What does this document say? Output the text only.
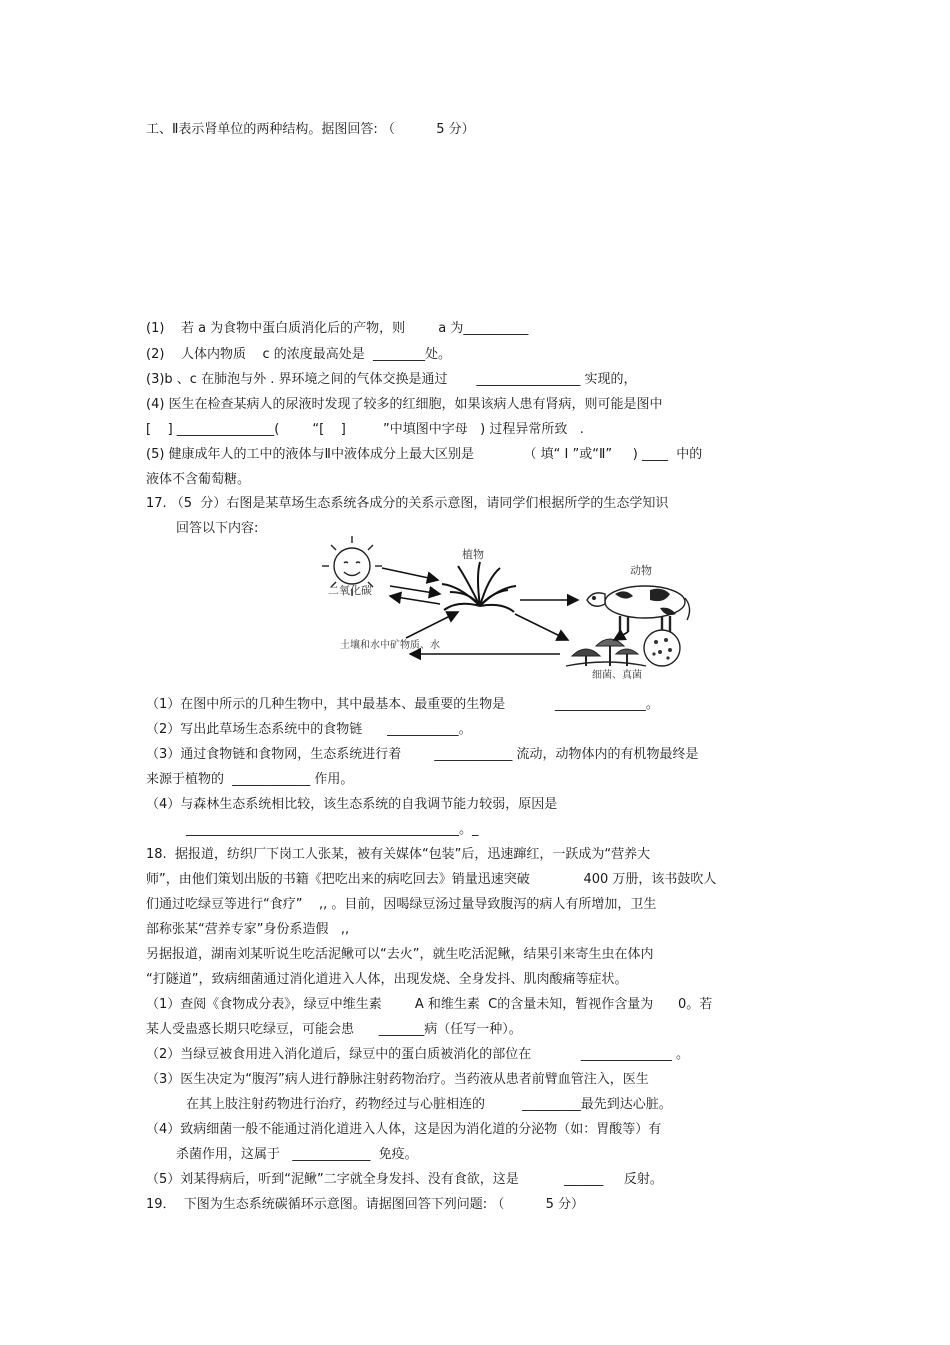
工、Ⅱ表示肾单位的两种结构。据图回答: （          5 分）
(1)    若 a 为食物中蛋白质消化后的产物，则        a 为__________
(2)    人体内物质    c 的浓度最高处是  ________处。
(3)b 、c 在肺泡与外 . 界环境之间的气体交换是通过       ________________ 实现的，
(4) 医生在检查某病人的尿液时发现了较多的红细胞，如果该病人患有肾病，则可能是图中
[    ] _______________(        “[    ]         ”中填图中字母   ) 过程异常所致   .
(5) 健康成年人的工中的液体与Ⅱ中液体成分上最大区别是            （ 填“ Ⅰ ”或“Ⅱ”     ) ____  中的
液体不含葡萄糖。
17. （5  分）右图是某草场生态系统各成分的关系示意图，请同学们根据所学的生态学知识
回答以下内容:
二氧化碳
植物
动物
细菌、真菌
土壤和水中矿物质、水
（1）在图中所示的几种生物中，其中最基本、最重要的生物是            ______________。
（2）写出此草场生态系统中的食物链      ___________。
（3）通过食物链和食物网，生态系统进行着        ____________ 流动，动物体内的有机物最终是
来源于植物的  ____________ 作用。
（4）与森林生态系统相比较，该生态系统的自我调节能力较弱，原因是
__________________________________________。_
18.  据报道，纺织厂下岗工人张某，被有关媒体“包装”后，迅速蹿红，一跃成为“营养大
师”，由他们策划出版的书籍《把吃出来的病吃回去》销量迅速突破             400 万册，该书鼓吹人
们通过吃绿豆等进行“食疗”    ,, 。目前，因喝绿豆汤过量导致腹泻的病人有所增加，卫生
部称张某“营养专家”身份系造假   ,,
另据报道，湖南刘某听说生吃活泥鳅可以“去火”，就生吃活泥鳅，结果引来寄生虫在体内
“打隧道”，致病细菌通过消化道进入人体，出现发烧、全身发抖、肌肉酸痛等症状。
（1）查阅《食物成分表》，绿豆中维生素        A 和维生素  C的含量未知，暂视作含量为      0。若
某人受蛊惑长期只吃绿豆，可能会患      _______病（任写一种）。
（2）当绿豆被食用进入消化道后，绿豆中的蛋白质被消化的部位在            ______________ 。
（3）医生决定为“腹泻”病人进行静脉注射药物治疗。当药液从患者前臂血管注入，医生
在其上肢注射药物进行治疗，药物经过与心脏相连的         _________最先到达心脏。
（4）致病细菌一般不能通过消化道进入人体，这是因为消化道的分泌物（如：胃酸等）有
杀菌作用，这属于   ____________  免疫。
（5）刘某得病后，听到“泥鳅”二字就全身发抖、没有食欲，这是           ______     反射。
19．  下图为生态系统碳循环示意图。请据图回答下列问题: （          5 分）
